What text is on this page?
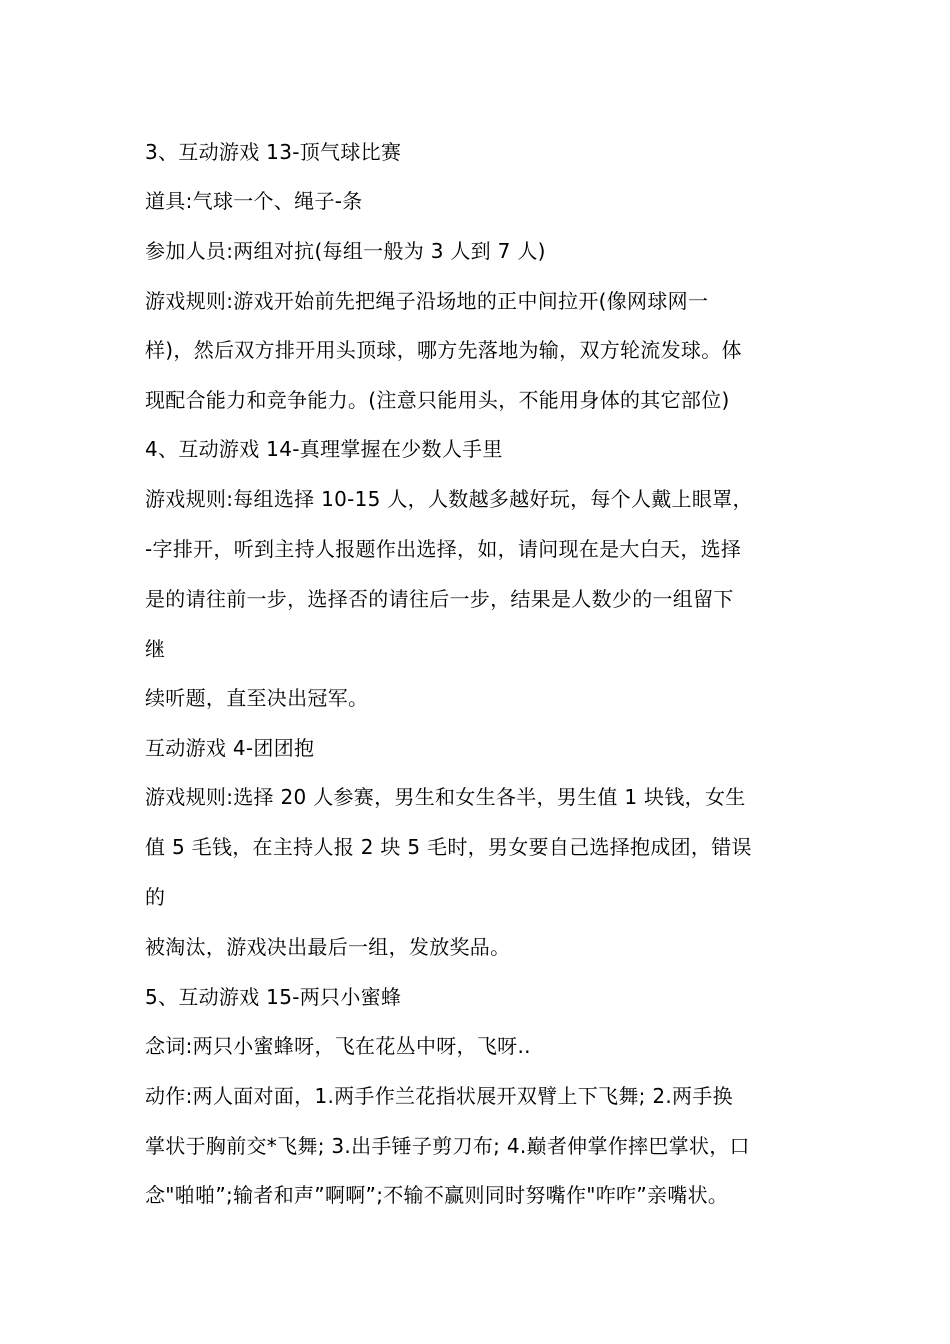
3、互动游戏 13-顶气球比赛
道具:气球一个、绳子-条
参加人员:两组对抗(每组一般为 3 人到 7 人)
游戏规则:游戏开始前先把绳子沿场地的正中间拉开(像网球网一
样)，然后双方排开用头顶球，哪方先落地为输，双方轮流发球。体
现配合能力和竞争能力。(注意只能用头，不能用身体的其它部位)
4、互动游戏 14-真理掌握在少数人手里
游戏规则:每组选择 10-15 人，人数越多越好玩，每个人戴上眼罩，
-字排开，听到主持人报题作出选择，如，请问现在是大白天，选择
是的请往前一步，选择否的请往后一步，结果是人数少的一组留下
继
续听题，直至决出冠军。
互动游戏 4-团团抱
游戏规则:选择 20 人参赛，男生和女生各半，男生值 1 块钱，女生
值 5 毛钱，在主持人报 2 块 5 毛时，男女要自己选择抱成团，错误
的
被淘汰，游戏决出最后一组，发放奖品。
5、互动游戏 15-两只小蜜蜂
念词:两只小蜜蜂呀，飞在花丛中呀，飞呀..
动作:两人面对面，1.两手作兰花指状展开双臂上下飞舞; 2.两手换
掌状于胸前交*飞舞; 3.出手锤子剪刀布; 4.巅者伸掌作摔巴掌状，口
念"啪啪”;输者和声”啊啊”;不输不赢则同时努嘴作"咋咋”亲嘴状。
